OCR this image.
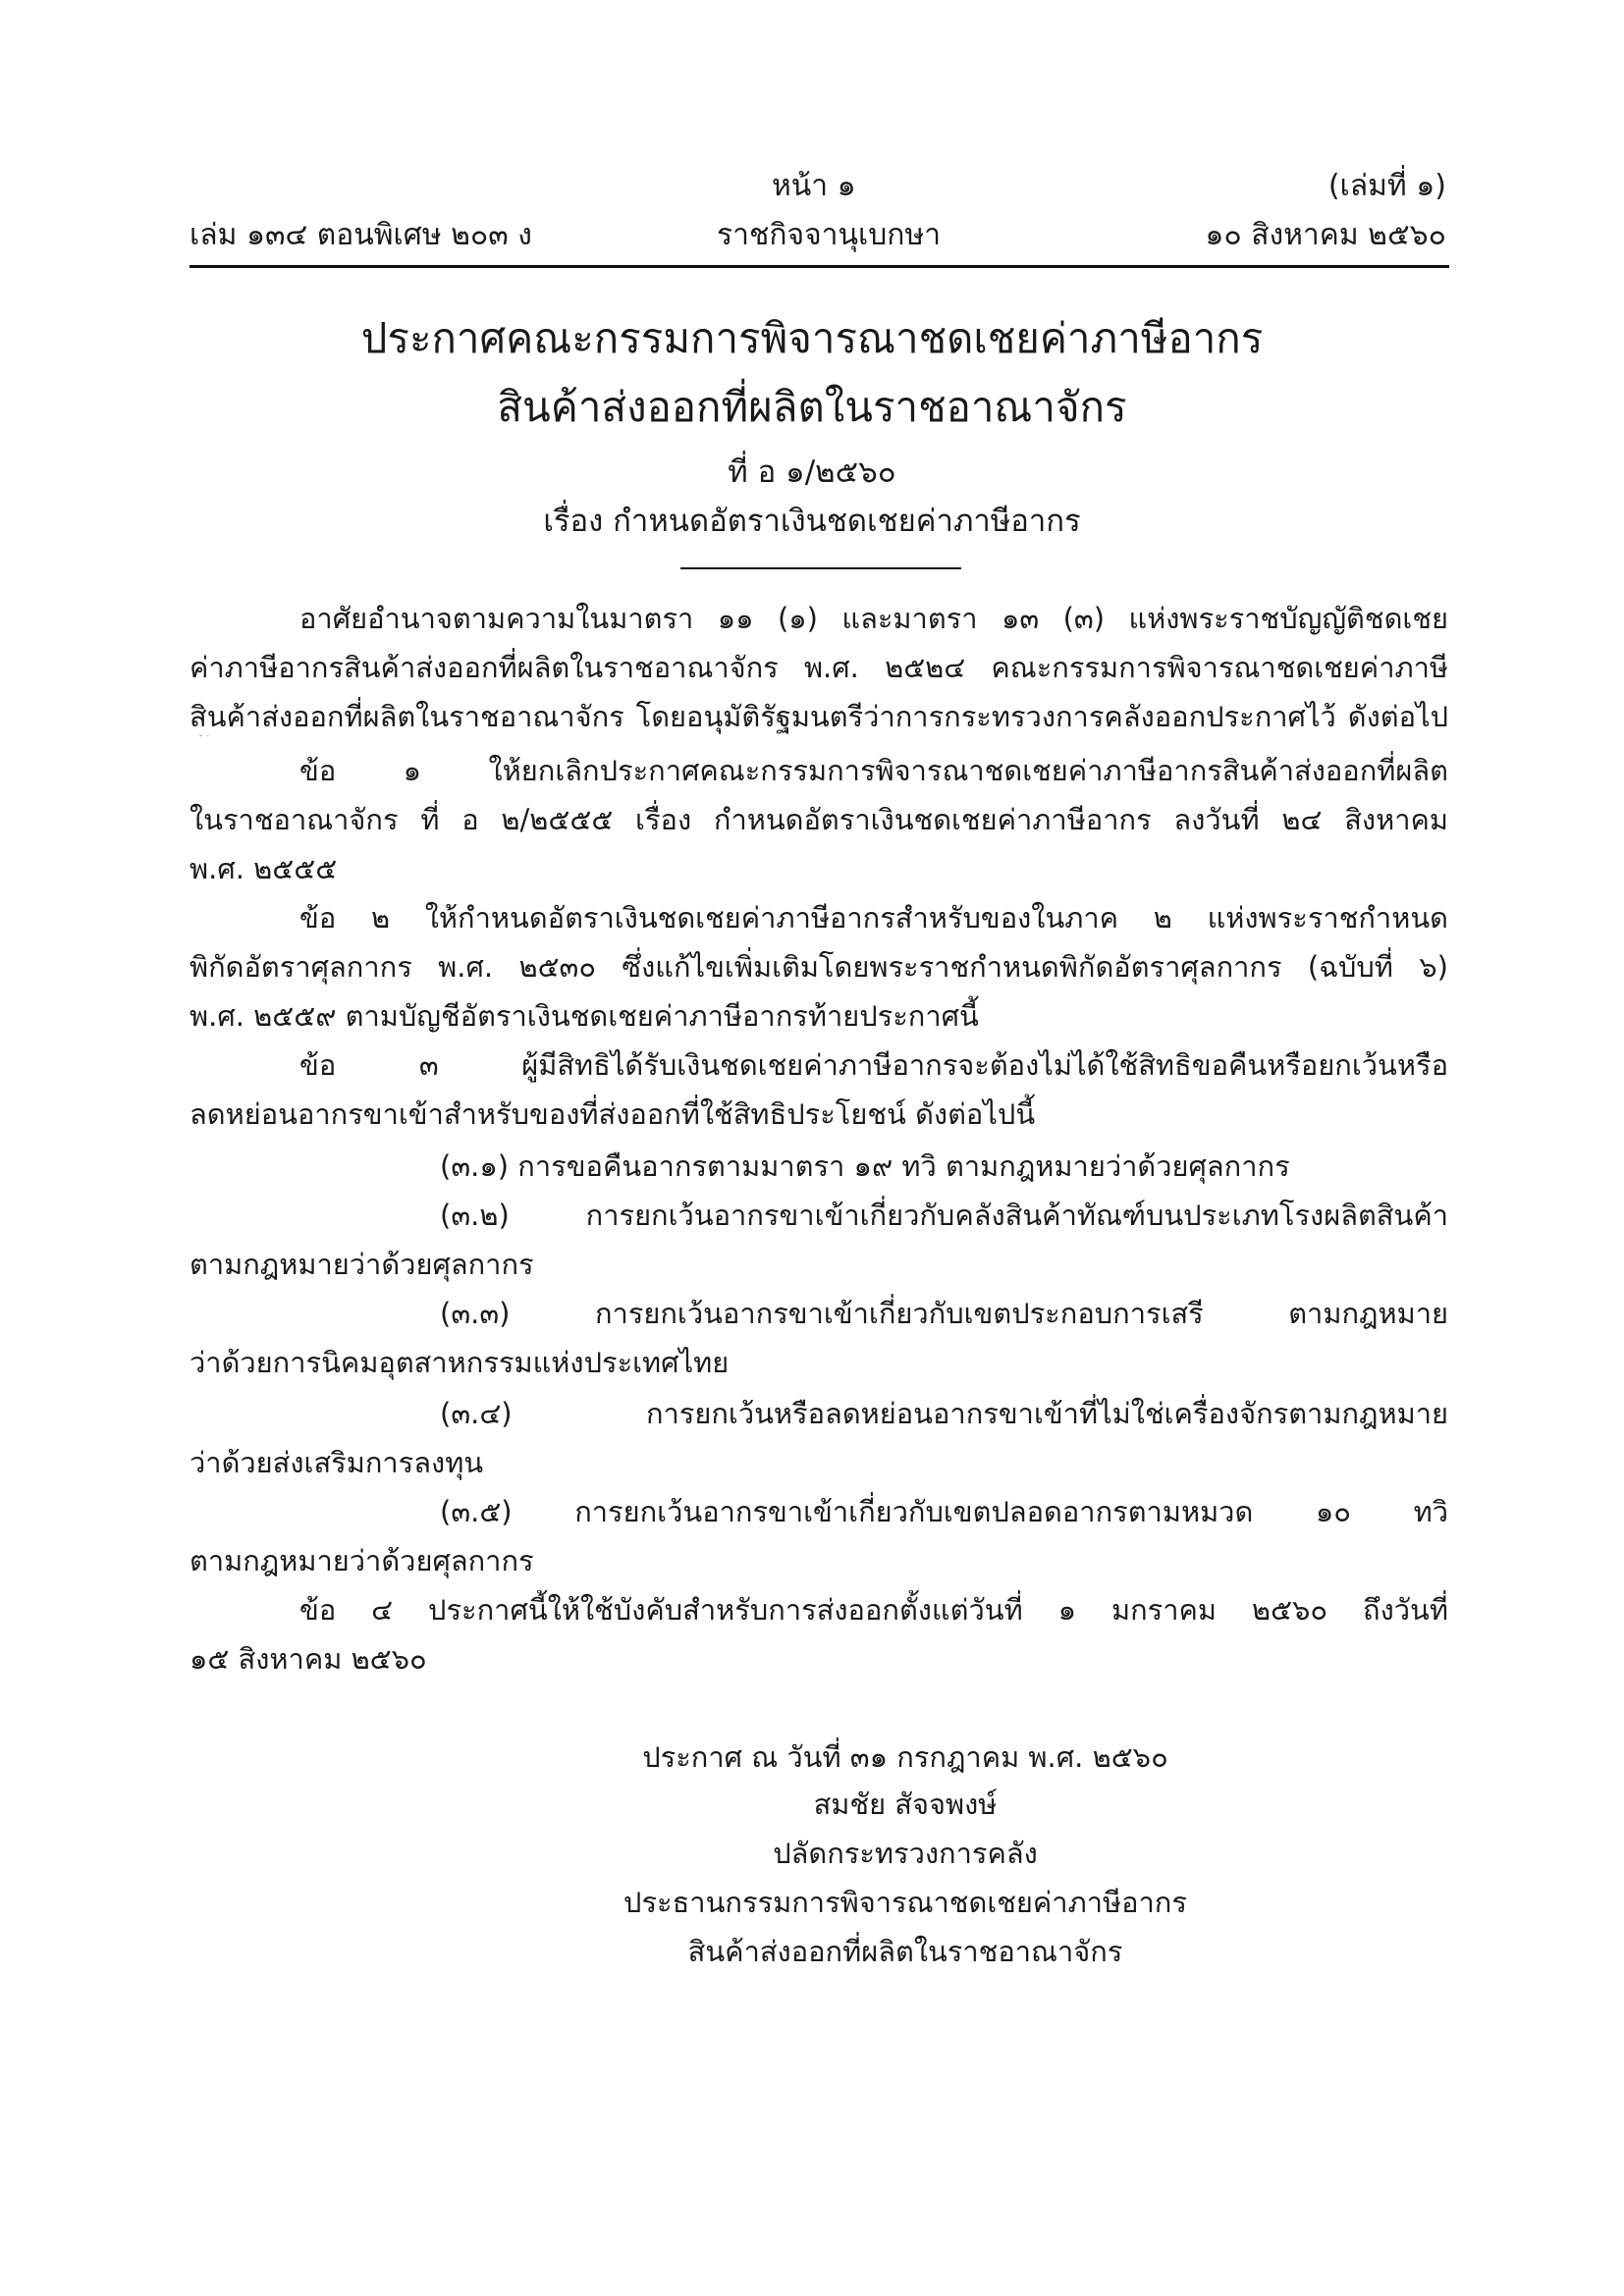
หน้า ๑	(เล่มที่ ๑)
เล่ม ๑๓๔ ตอนพิเศษ ๒๐๓ ง	ราชกิจจานุเบกษา	๑๐ สิงหาคม ๒๕๖๐
ประกาศคณะกรรมการพิจารณาชดเชยค่าภาษีอากร
สินค้าส่งออกที่ผลิตในราชอาณาจักร
ที่ อ ๑/๒๕๖๐
เรื่อง กำหนดอัตราเงินชดเชยค่าภาษีอากร
อาศัยอำนาจตามความในมาตรา ๑๑ (๑) และมาตรา ๑๓ (๓) แห่งพระราชบัญญัติชดเชย
ค่าภาษีอากรสินค้าส่งออกที่ผลิตในราชอาณาจักร พ.ศ. ๒๕๒๔ คณะกรรมการพิจารณาชดเชยค่าภาษี
สินค้าส่งออกที่ผลิตในราชอาณาจักร โดยอนุมัติรัฐมนตรีว่าการกระทรวงการคลังออกประกาศไว้ ดังต่อไป
ข้อ ๑ ให้ยกเลิกประกาศคณะกรรมการพิจารณาชดเชยค่าภาษีอากรสินค้าส่งออกที่ผลิต
ในราชอาณาจักร ที่ อ ๒/๒๕๕๕ เรื่อง กำหนดอัตราเงินชดเชยค่าภาษีอากร ลงวันที่ ๒๔ สิงหาคม
พ.ศ. ๒๕๕๕
ข้อ ๒ ให้กำหนดอัตราเงินชดเชยค่าภาษีอากรสำหรับของในภาค ๒ แห่งพระราชกำหนด
พิกัดอัตราศุลกากร พ.ศ. ๒๕๓๐ ซึ่งแก้ไขเพิ่มเติมโดยพระราชกำหนดพิกัดอัตราศุลกากร (ฉบับที่ ๖)
พ.ศ. ๒๕๕๙ ตามบัญชีอัตราเงินชดเชยค่าภาษีอากรท้ายประกาศนี้
ข้อ ๓ ผู้มีสิทธิได้รับเงินชดเชยค่าภาษีอากรจะต้องไม่ได้ใช้สิทธิขอคืนหรือยกเว้นหรือ
ลดหย่อนอากรขาเข้าสำหรับของที่ส่งออกที่ใช้สิทธิประโยชน์ ดังต่อไปนี้
(๓.๑) การขอคืนอากรตามมาตรา ๑๙ ทวิ ตามกฎหมายว่าด้วยศุลกากร
(๓.๒) การยกเว้นอากรขาเข้าเกี่ยวกับคลังสินค้าทัณฑ์บนประเภทโรงผลิตสินค้า
ตามกฎหมายว่าด้วยศุลกากร
(๓.๓) การยกเว้นอากรขาเข้าเกี่ยวกับเขตประกอบการเสรี ตามกฎหมาย
ว่าด้วยการนิคมอุตสาหกรรมแห่งประเทศไทย
(๓.๔) การยกเว้นหรือลดหย่อนอากรขาเข้าที่ไม่ใช่เครื่องจักรตามกฎหมาย
ว่าด้วยส่งเสริมการลงทุน
(๓.๕) การยกเว้นอากรขาเข้าเกี่ยวกับเขตปลอดอากรตามหมวด ๑๐ ทวิ
ตามกฎหมายว่าด้วยศุลกากร
ข้อ ๔ ประกาศนี้ให้ใช้บังคับสำหรับการส่งออกตั้งแต่วันที่ ๑ มกราคม ๒๕๖๐ ถึงวันที่
๑๕ สิงหาคม ๒๕๖๐
ประกาศ ณ วันที่ ๓๑ กรกฎาคม พ.ศ. ๒๕๖๐
สมชัย สัจจพงษ์
ปลัดกระทรวงการคลัง
ประธานกรรมการพิจารณาชดเชยค่าภาษีอากร
สินค้าส่งออกที่ผลิตในราชอาณาจักร
